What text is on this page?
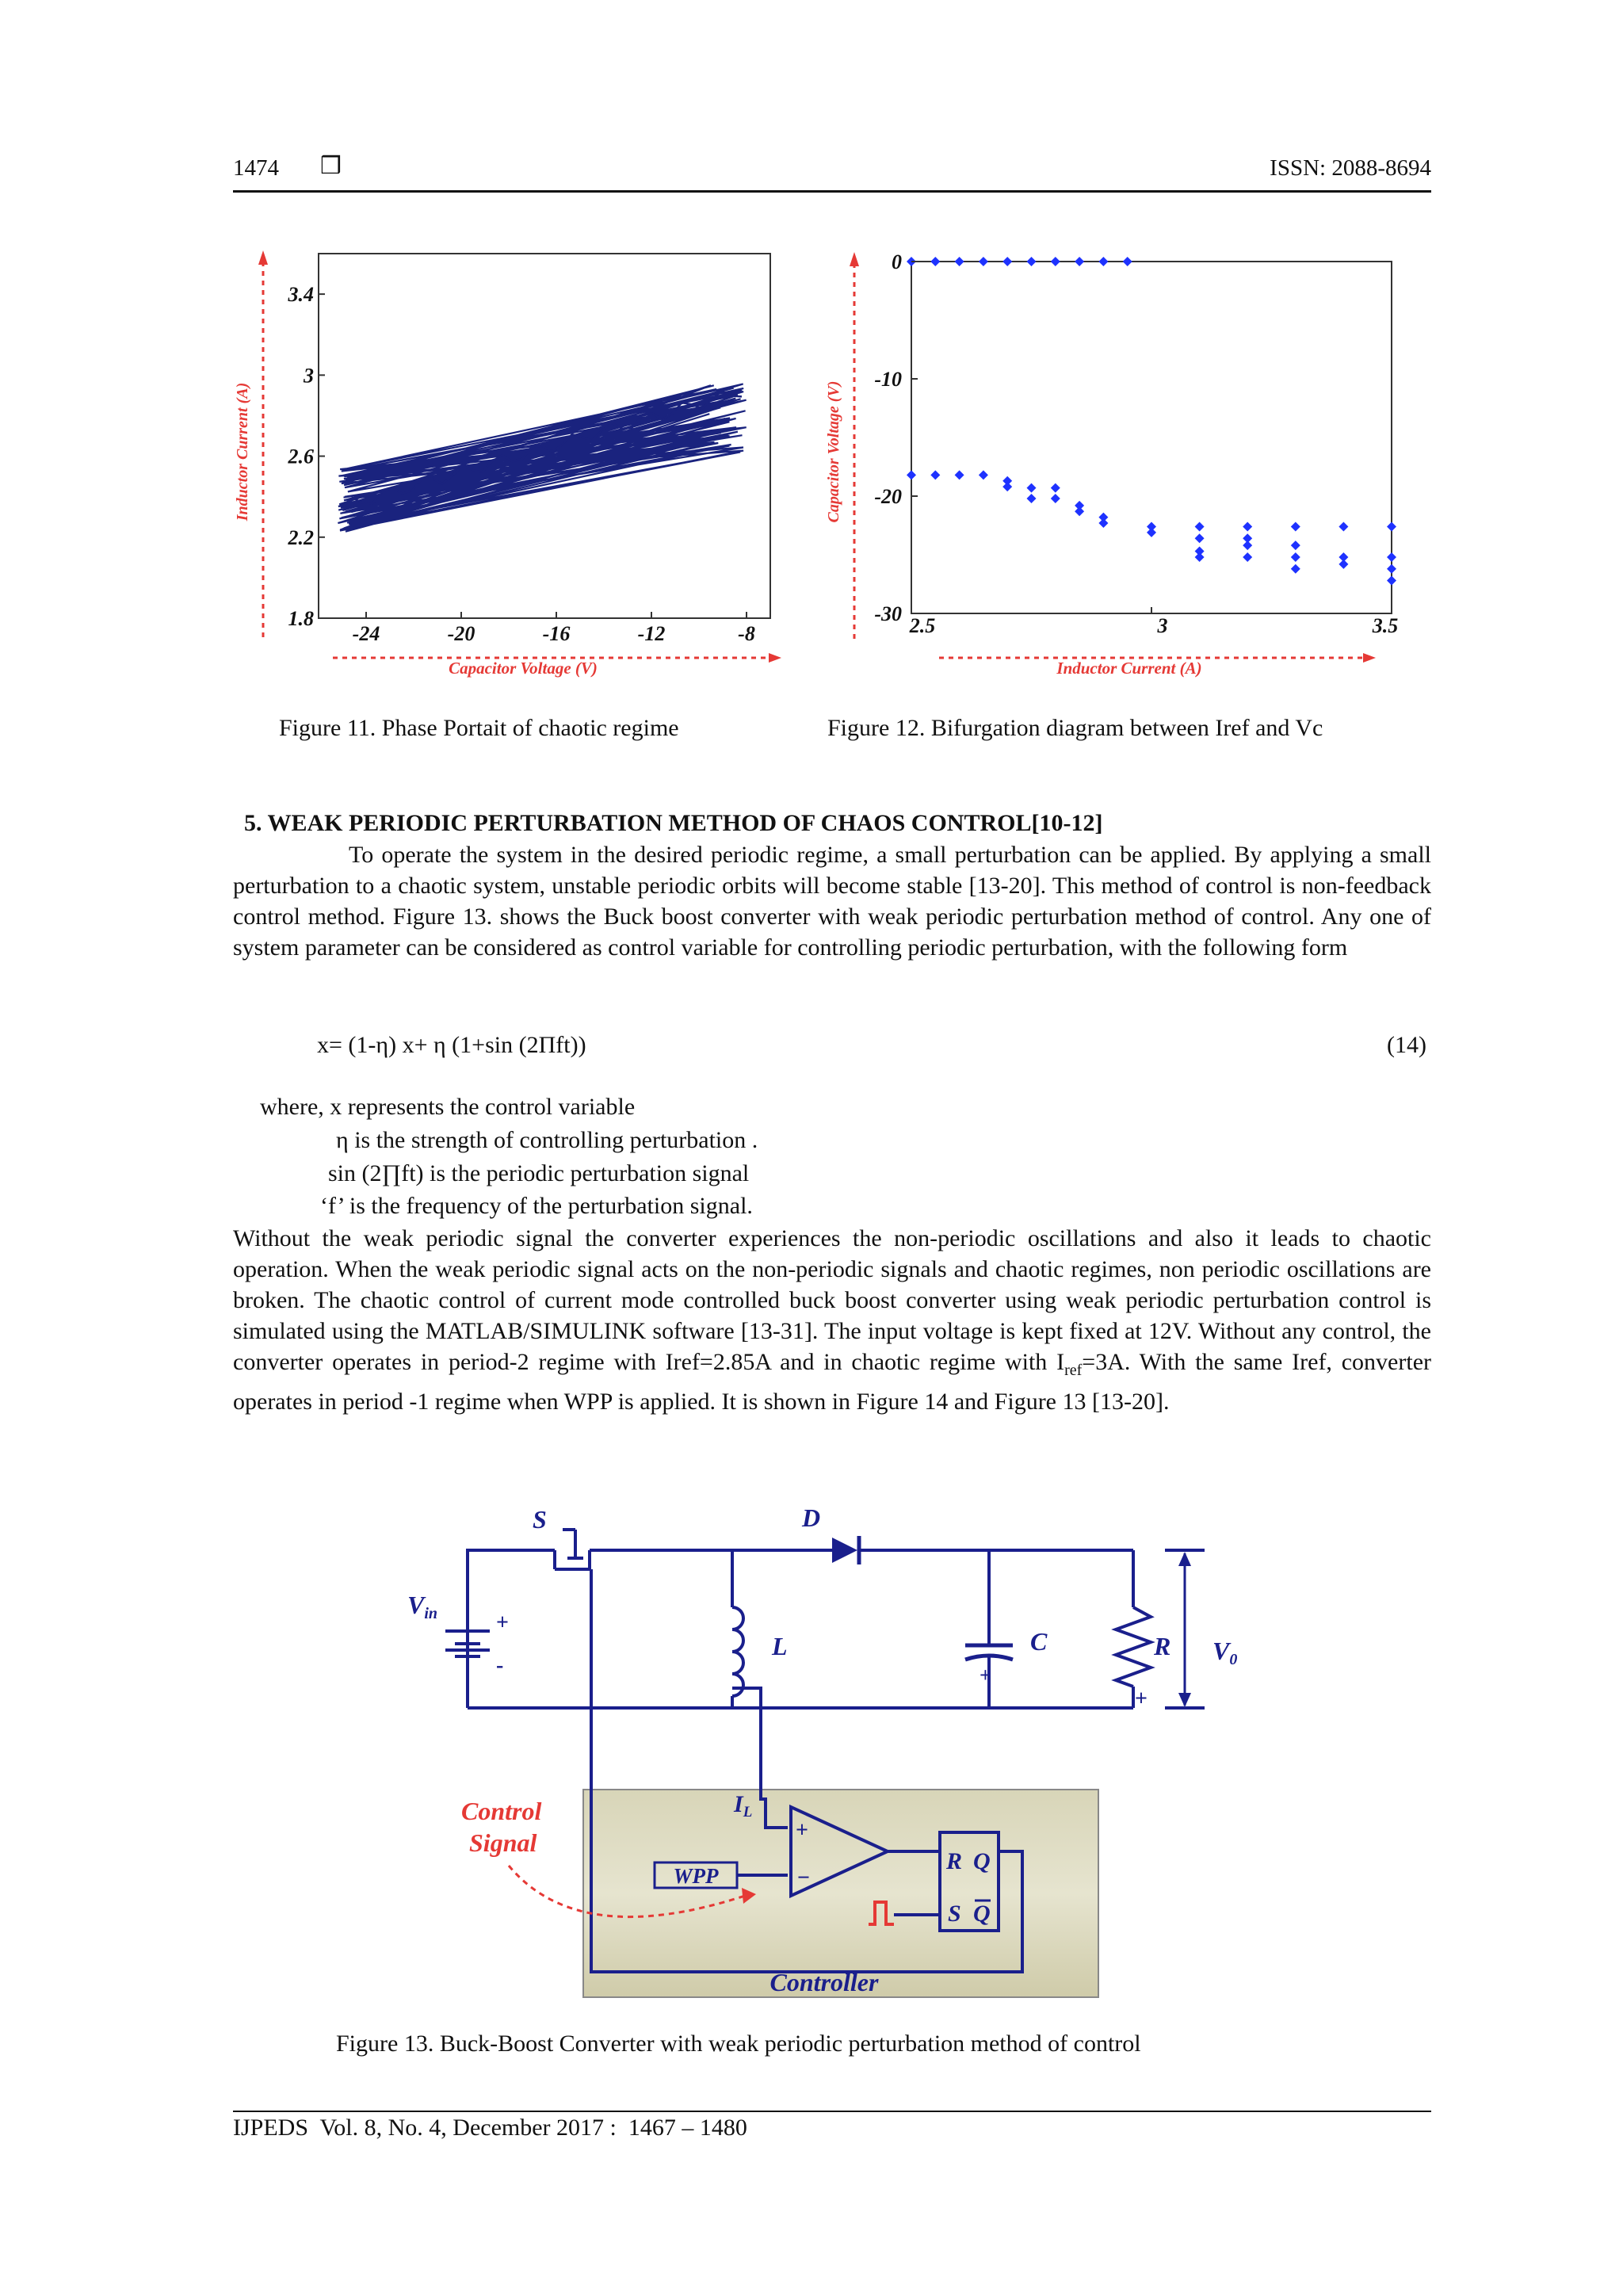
1474 ❒	ISSN: 2088-8694
Inductor Current (A)
Capacitor Voltage (V)
-24	-20	-16	-12	-8
1.8
2.2
2.6
3
3.4
Capacitor Voltage (V)
Inductor Current (A)
2.5	3	3.5
0
-10
-20
-30
Figure 11. Phase Portait of chaotic regime	Figure 12. Bifurgation diagram between Iref and Vc
5. WEAK PERIODIC PERTURBATION METHOD OF CHAOS CONTROL[10-12]

To operate the system in the desired periodic regime, a small perturbation can be applied. By applying a small perturbation to a chaotic system, unstable periodic orbits will become stable [13-20]. This method of control is non-feedback control method. Figure 13. shows the Buck boost converter with weak periodic perturbation method of control. Any one of system parameter can be considered as control variable for controlling periodic perturbation, with the following form

x= (1-η) x+ η (1+sin (2Πft))	(14)
where, x represents the control variable
η is the strength of controlling perturbation .
sin (2∏ft) is the periodic perturbation signal
‘f’ is the frequency of the perturbation signal.

Without the weak periodic signal the converter experiences the non-periodic oscillations and also it leads to chaotic operation. When the weak periodic signal acts on the non-periodic signals and chaotic regimes, non periodic oscillations are broken. The chaotic control of current mode controlled buck boost converter using weak periodic perturbation control is simulated using the MATLAB/SIMULINK software [13-31]. The input voltage is kept fixed at 12V. Without any control, the converter operates in period-2 regime with Iref=2.85A and in chaotic regime with $I_{ref}=3A$. With the same Iref, converter operates in period -1 regime when WPP is applied. It is shown in Figure 14 and Figure 13 [13-20].

+
-	+
+
S	D
Vin
L	C	R V0
$I_L$
+
−
WPP
R Q
S Q
Control
Signal
Controller
Figure 13. Buck-Boost Converter with weak periodic perturbation method of control
IJPEDS  Vol. 8, No. 4, December 2017 :  1467 – 1480
